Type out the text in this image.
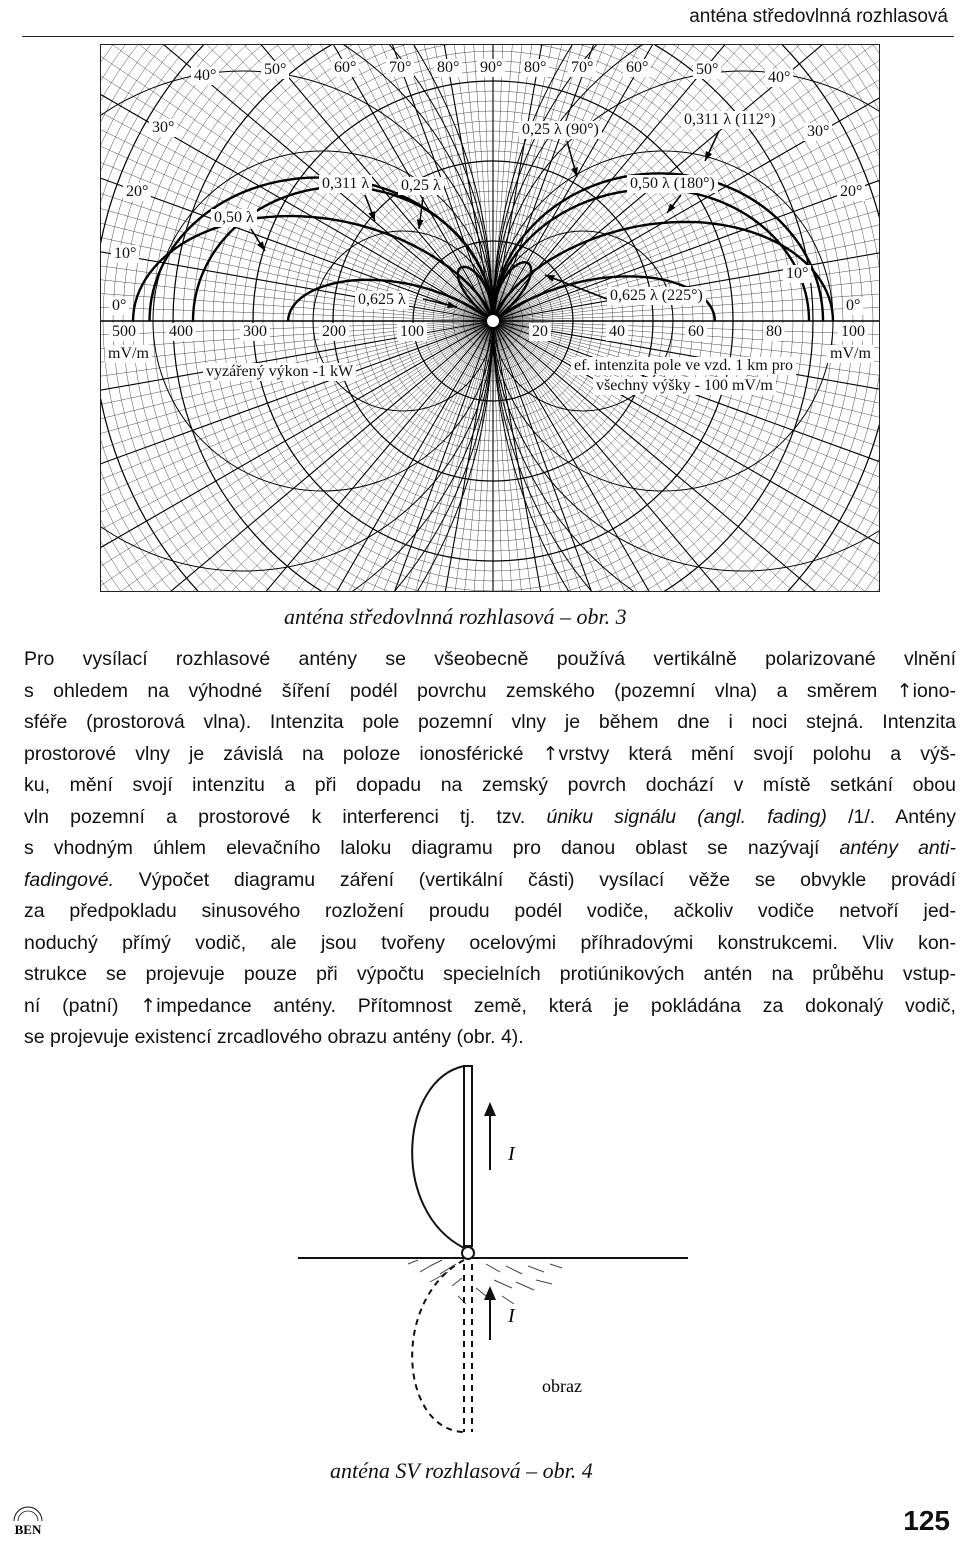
anténa středovlnná rozhlasová
40°	50°	60° 70° 80° 90° 80° 70° 60°	50°	40°
30°	30°
20°	20°
10°
10°
0°	0°
0,25 λ (90°)
0,311 λ (112°)
0,311 λ 0,25 λ	0,50 λ (180°)
0,50 λ
0,625 λ	0,625 λ (225°)
500 400	300	200	100
mV/m
20	40	60	80	100
mV/m
vyzářený výkon -1 kW	ef. intenzita pole ve vzd. 1 km pro
všechny výšky - 100 mV/m
anténa středovlnná rozhlasová – obr. 3
Pro vysílací rozhlasové antény se všeobecně používá vertikálně polarizované vlnění
s ohledem na výhodné šíření podél povrchu zemského (pozemní vlna) a směrem ↑iono-
sféře (prostorová vlna). Intenzita pole pozemní vlny je během dne i noci stejná. Intenzita
prostorové vlny je závislá na poloze ionosférické ↑vrstvy která mění svojí polohu a výš-
ku, mění svojí intenzitu a při dopadu na zemský povrch dochází v místě setkání obou
vln pozemní a prostorové k interferenci tj. tzv. úniku signálu (angl. fading) /1/. Antény
s vhodným úhlem elevačního laloku diagramu pro danou oblast se nazývají antény anti-
fadingové. Výpočet diagramu záření (vertikální části) vysílací věže se obvykle provádí
za předpokladu sinusového rozložení proudu podél vodiče, ačkoliv vodiče netvoří jed-
noduchý přímý vodič, ale jsou tvořeny ocelovými příhradovými konstrukcemi. Vliv kon-
strukce se projevuje pouze při výpočtu specielních protiúnikových antén na průběhu vstup-
ní (patní) ↑impedance antény. Přítomnost země, která je pokládána za dokonalý vodič,
se projevuje existencí zrcadlového obrazu antény (obr. 4).
I
I
obraz
anténa SV rozhlasová – obr. 4
BEN	125
